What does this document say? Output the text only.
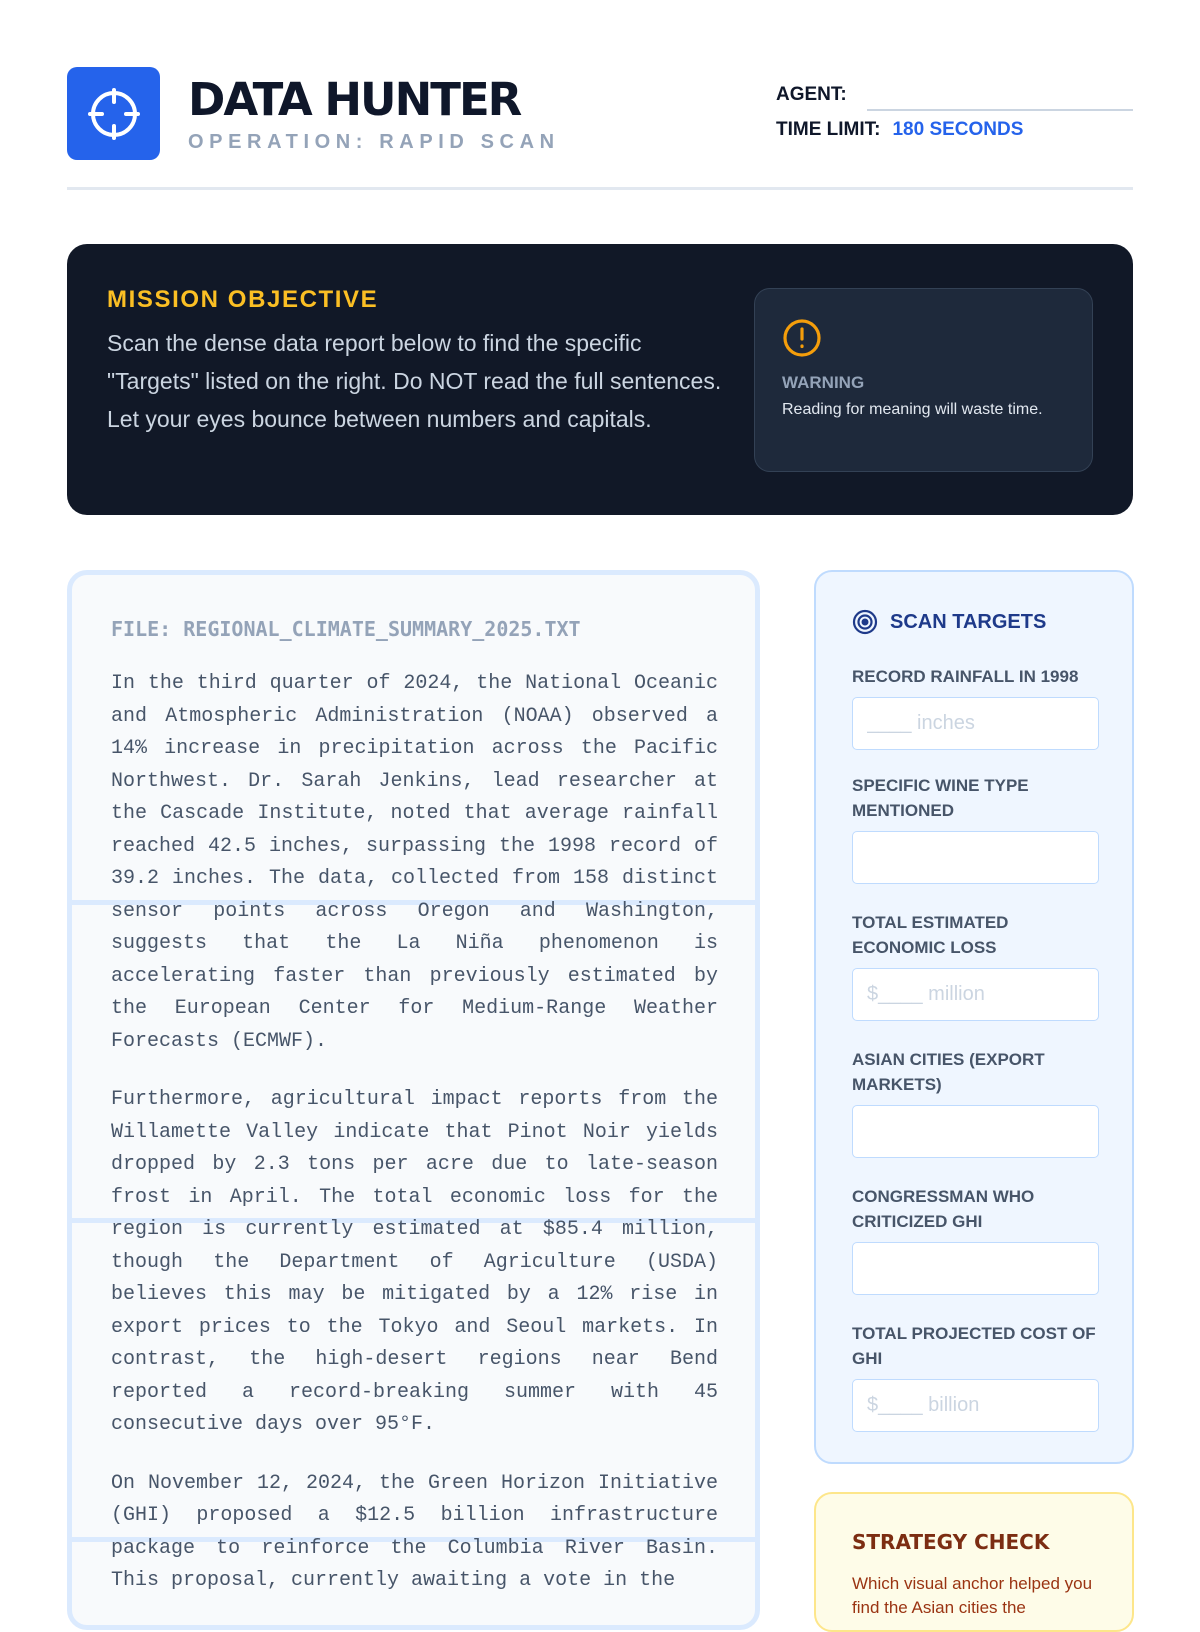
DATA HUNTER
OPERATION: RAPID SCAN
AGENT:
TIME LIMIT: 180 SECONDS
MISSION OBJECTIVE
Scan the dense data report below to find the specific "Targets" listed on the right. Do NOT read the full sentences. Let your eyes bounce between numbers and capitals.
WARNING
Reading for meaning will waste time.
FILE: REGIONAL_CLIMATE_SUMMARY_2025.TXT

In the third quarter of 2024, the National Oceanic and Atmospheric Administration (NOAA) observed a 14% increase in precipitation across the Pacific Northwest. Dr. Sarah Jenkins, lead researcher at the Cascade Institute, noted that average rainfall reached 42.5 inches, surpassing the 1998 record of 39.2 inches. The data, collected from 158 distinct sensor points across Oregon and Washington, suggests that the La Niña phenomenon is accelerating faster than previously estimated by the European Center for Medium-Range Weather Forecasts (ECMWF).

Furthermore, agricultural impact reports from the Willamette Valley indicate that Pinot Noir yields dropped by 2.3 tons per acre due to late-season frost in April. The total economic loss for the region is currently estimated at $85.4 million, though the Department of Agriculture (USDA) believes this may be mitigated by a 12% rise in export prices to the Tokyo and Seoul markets. In contrast, the high-desert regions near Bend reported a record-breaking summer with 45 consecutive days over 95°F.

On November 12, 2024, the Green Horizon Initiative (GHI) proposed a $12.5 billion infrastructure package to reinforce the Columbia River Basin. This proposal, currently awaiting a vote in the

SCAN TARGETS
RECORD RAINFALL IN 1998
____ inches
SPECIFIC WINE TYPE MENTIONED
TOTAL ESTIMATED ECONOMIC LOSS
$____ million
ASIAN CITIES (EXPORT MARKETS)
CONGRESSMAN WHO CRITICIZED GHI
TOTAL PROJECTED COST OF GHI
$____ billion
STRATEGY CHECK
Which visual anchor helped you find the Asian cities the
